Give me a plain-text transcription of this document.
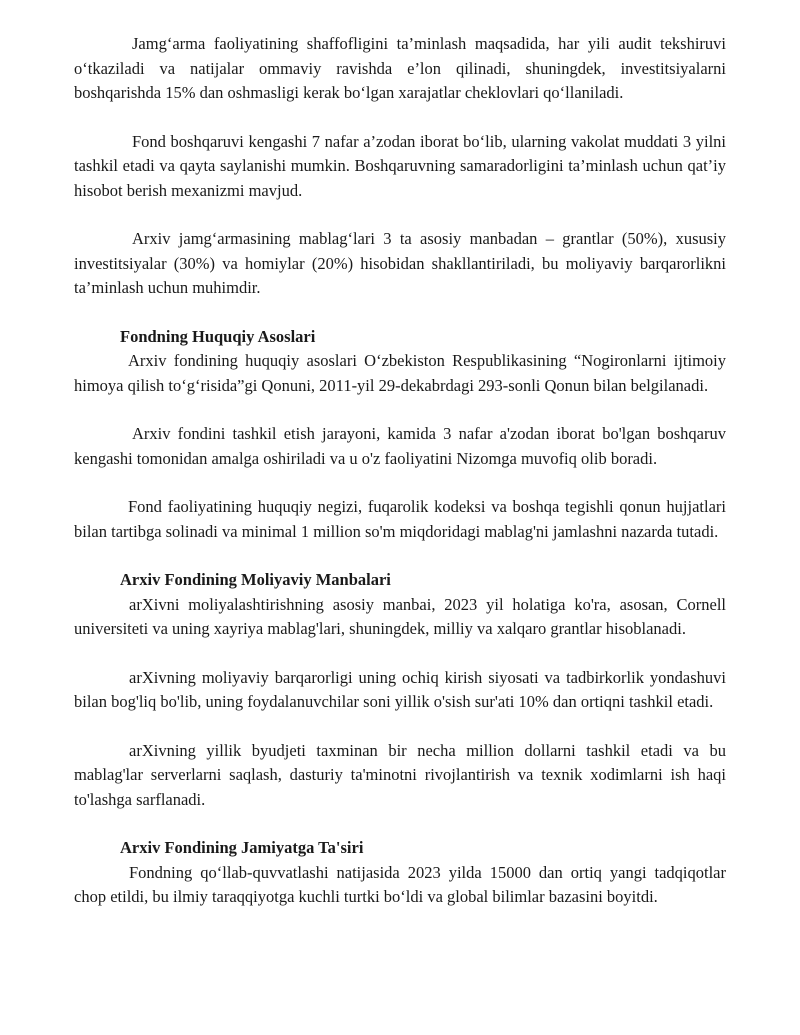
Jamg‘arma faoliyatining shaffofligini ta’minlash maqsadida, har yili audit tekshiruvi o‘tkaziladi va natijalar ommaviy ravishda e’lon qilinadi, shuningdek, investitsiyalarni boshqarishda 15% dan oshmasligi kerak bo‘lgan xarajatlar cheklovlari qo‘llaniladi.

Fond boshqaruvi kengashi 7 nafar a’zodan iborat bo‘lib, ularning vakolat muddati 3 yilni tashkil etadi va qayta saylanishi mumkin. Boshqaruvning samaradorligini ta’minlash uchun qat’iy hisobot berish mexanizmi mavjud.

Arxiv jamg‘armasining mablag‘lari 3 ta asosiy manbadan – grantlar (50%), xususiy investitsiyalar (30%) va homiylar (20%) hisobidan shakllantiriladi, bu moliyaviy barqarorlikni ta’minlash uchun muhimdir.

Fondning Huquqiy Asoslari

Arxiv fondining huquqiy asoslari O‘zbekiston Respublikasining “Nogironlarni ijtimoiy himoya qilish to‘g‘risida”gi Qonuni, 2011-yil 29-dekabrdagi 293-sonli Qonun bilan belgilanadi.

Arxiv fondini tashkil etish jarayoni, kamida 3 nafar a'zodan iborat bo'lgan boshqaruv kengashi tomonidan amalga oshiriladi va u o'z faoliyatini Nizomga muvofiq olib boradi.

Fond faoliyatining huquqiy negizi, fuqarolik kodeksi va boshqa tegishli qonun hujjatlari bilan tartibga solinadi va minimal 1 million so'm miqdoridagi mablag'ni jamlashni nazarda tutadi.

Arxiv Fondining Moliyaviy Manbalari

arXivni moliyalashtirishning asosiy manbai, 2023 yil holatiga ko'ra, asosan, Cornell universiteti va uning xayriya mablag'lari, shuningdek, milliy va xalqaro grantlar hisoblanadi.

arXivning moliyaviy barqarorligi uning ochiq kirish siyosati va tadbirkorlik yondashuvi bilan bog'liq bo'lib, uning foydalanuvchilar soni yillik o'sish sur'ati 10% dan ortiqni tashkil etadi.

arXivning yillik byudjeti taxminan bir necha million dollarni tashkil etadi va bu mablag'lar serverlarni saqlash, dasturiy ta'minotni rivojlantirish va texnik xodimlarni ish haqi to'lashga sarflanadi.

Arxiv Fondining Jamiyatga Ta'siri

Fondning qo‘llab-quvvatlashi natijasida 2023 yilda 15000 dan ortiq yangi tadqiqotlar chop etildi, bu ilmiy taraqqiyotga kuchli turtki bo‘ldi va global bilimlar bazasini boyitdi.
